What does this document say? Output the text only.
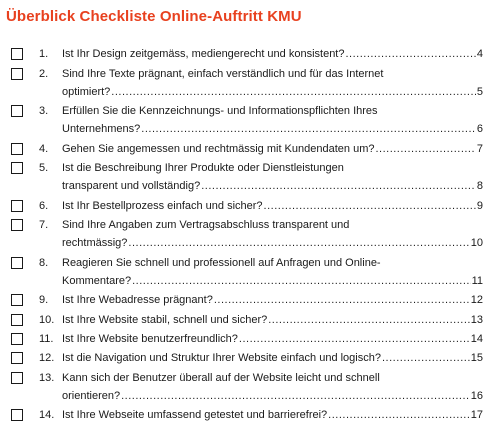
Überblick Checkliste Online-Auftritt KMU
1. Ist Ihr Design zeitgemäss, mediengerecht und konsistent? .....	4
2. Sind Ihre Texte prägnant, einfach verständlich und für das Internet
optimiert? .....	5
3. Erfüllen Sie die Kennzeichnungs- und Informationspflichten Ihres
Unternehmens? .....	6
4. Gehen Sie angemessen und rechtmässig mit Kundendaten um? .....	7
5. Ist die Beschreibung Ihrer Produkte oder Dienstleistungen
transparent und vollständig? .....	8
6. Ist Ihr Bestellprozess einfach und sicher? .....	9
7. Sind Ihre Angaben zum Vertragsabschluss transparent und
rechtmässig? .....	10
8. Reagieren Sie schnell und professionell auf Anfragen und Online-
Kommentare? .....	11
9. Ist Ihre Webadresse prägnant? .....	12
10. Ist Ihre Website stabil, schnell und sicher? .....	13
11. Ist Ihre Website benutzerfreundlich? .....	14
12. Ist die Navigation und Struktur Ihrer Website einfach und logisch? .....	15
13. Kann sich der Benutzer überall auf der Website leicht und schnell
orientieren? .....	16
14. Ist Ihre Webseite umfassend getestet und barrierefrei? .....	17
